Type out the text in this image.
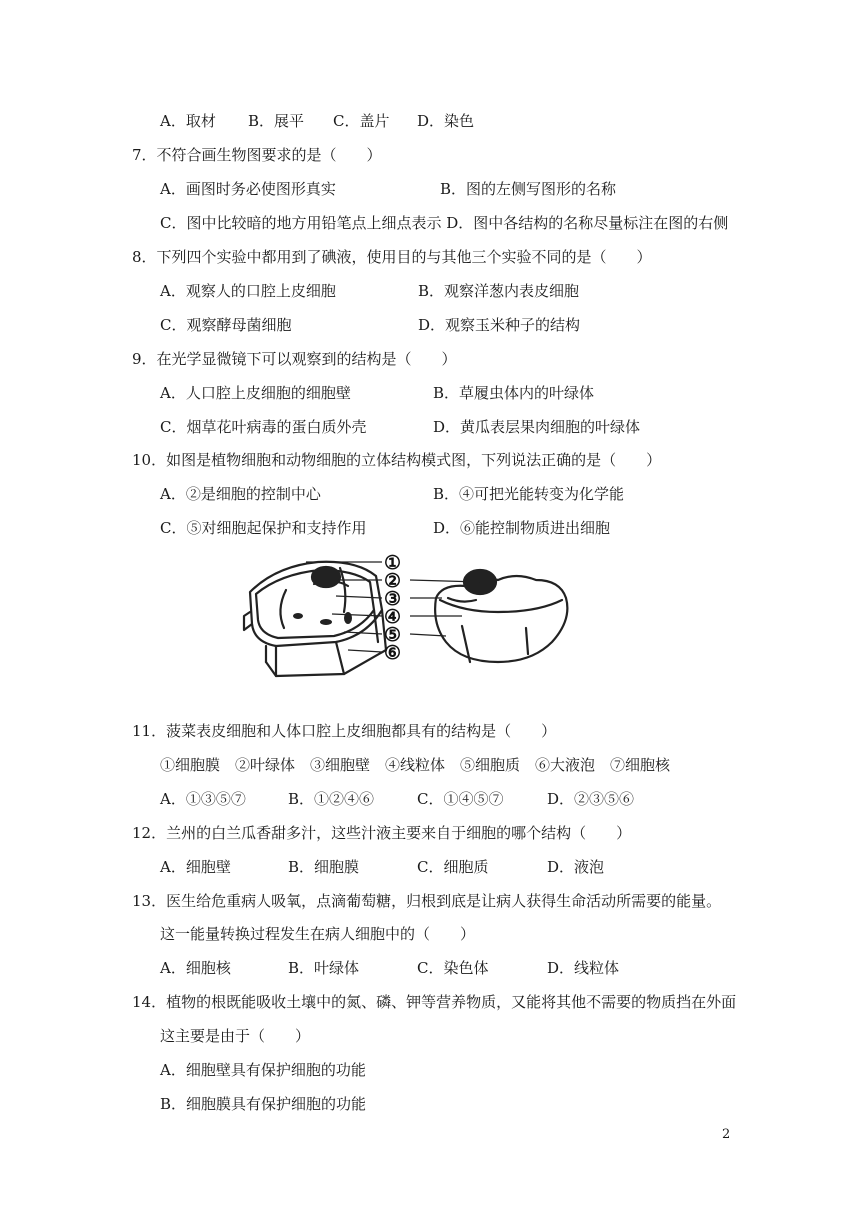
A．取材 B．展平 C．盖片 D．染色
7．不符合画生物图要求的是（　　）
A．画图时务必使图形真实	B．图的左侧写图形的名称
C．图中比较暗的地方用铅笔点上细点表示 D．图中各结构的名称尽量标注在图的右侧
8．下列四个实验中都用到了碘液，使用目的与其他三个实验不同的是（　　）
A．观察人的口腔上皮细胞	B．观察洋葱内表皮细胞
C．观察酵母菌细胞	D．观察玉米种子的结构
9．在光学显微镜下可以观察到的结构是（　　）
A．人口腔上皮细胞的细胞壁	B．草履虫体内的叶绿体
C．烟草花叶病毒的蛋白质外壳	D．黄瓜表层果肉细胞的叶绿体
10．如图是植物细胞和动物细胞的立体结构模式图，下列说法正确的是（　　）
A．②是细胞的控制中心	B．④可把光能转变为化学能
C．⑤对细胞起保护和支持作用	D．⑥能控制物质进出细胞
①
②
③
④
⑤
⑥
11．菠菜表皮细胞和人体口腔上皮细胞都具有的结构是（　　）
①细胞膜　②叶绿体　③细胞壁　④线粒体　⑤细胞质　⑥大液泡　⑦细胞核
A．①③⑤⑦	B．①②④⑥	C．①④⑤⑦	D．②③⑤⑥
12．兰州的白兰瓜香甜多汁，这些汁液主要来自于细胞的哪个结构（　　）
A．细胞壁	B．细胞膜	C．细胞质	D．液泡
13．医生给危重病人吸氧，点滴葡萄糖，归根到底是让病人获得生命活动所需要的能量。
这一能量转换过程发生在病人细胞中的（　　）
A．细胞核	B．叶绿体	C．染色体	D．线粒体
14．植物的根既能吸收土壤中的氮、磷、钾等营养物质，又能将其他不需要的物质挡在外面
这主要是由于（　　）
A．细胞壁具有保护细胞的功能
B．细胞膜具有保护细胞的功能
2
